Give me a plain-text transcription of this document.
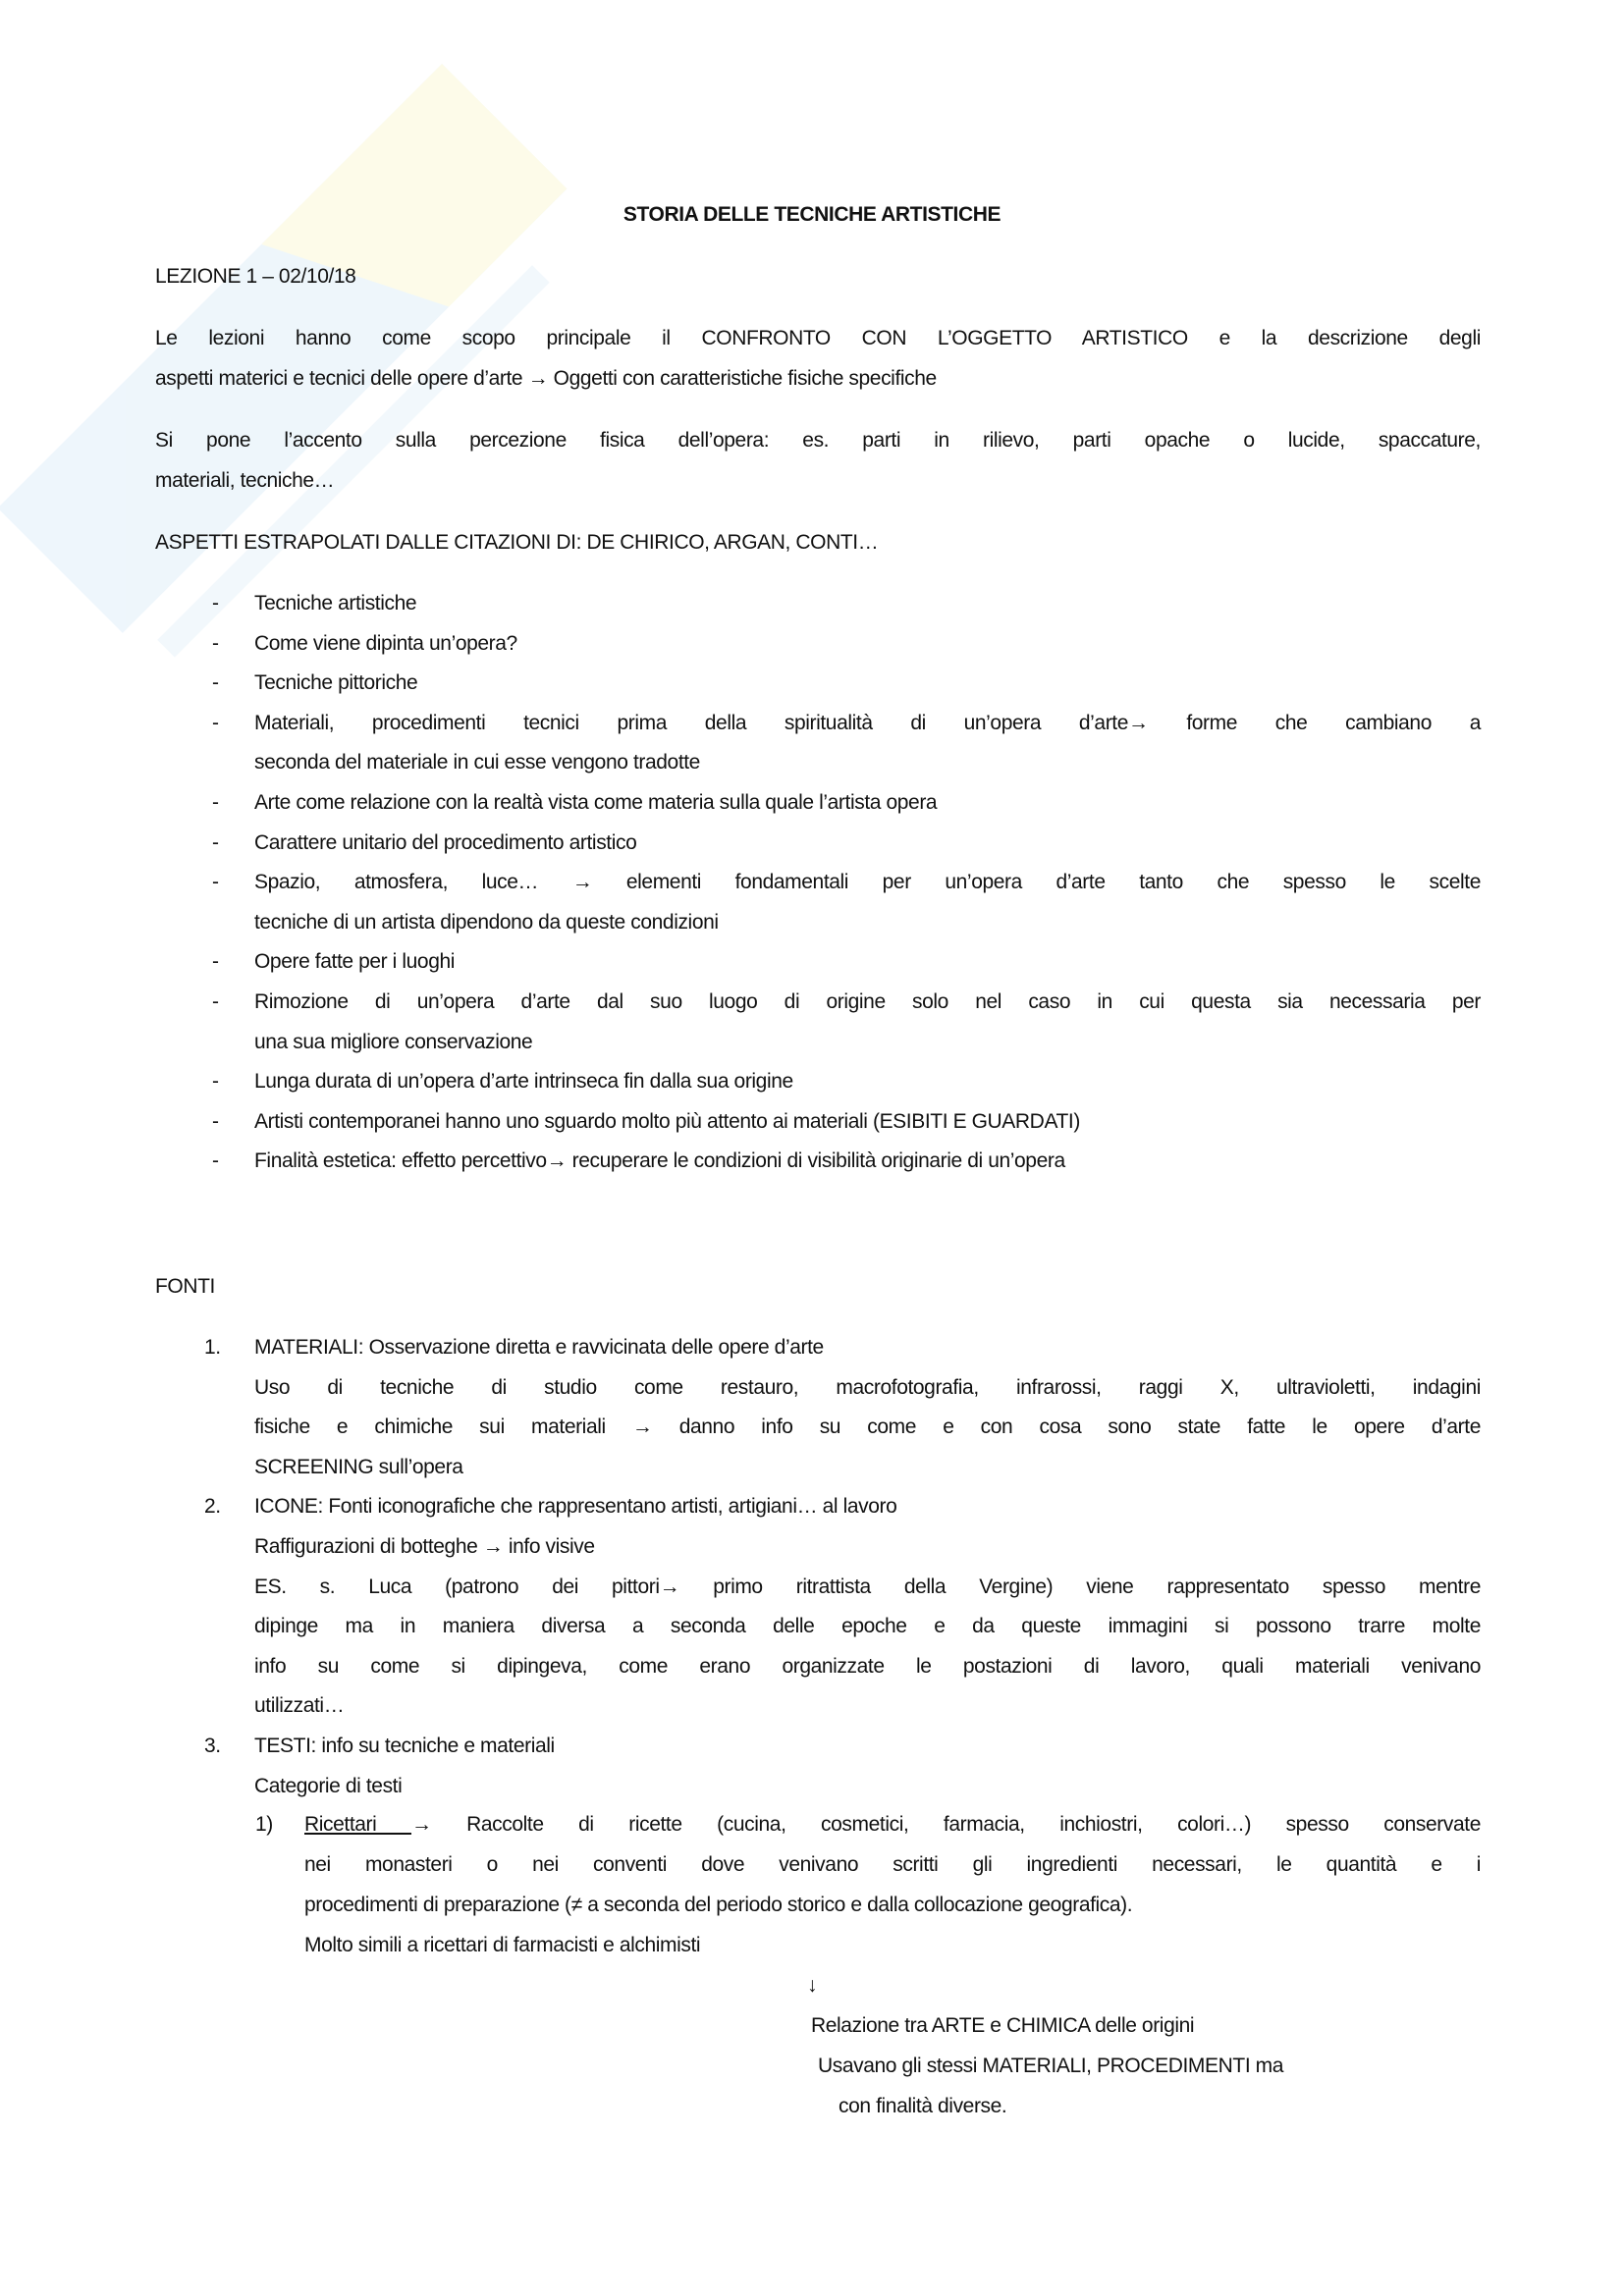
STORIA DELLE TECNICHE ARTISTICHE
LEZIONE 1 – 02/10/18
Le lezioni hanno come scopo principale il CONFRONTO CON L’OGGETTO ARTISTICO e la descrizione degli
aspetti materici e tecnici delle opere d’arte → Oggetti con caratteristiche fisiche specifiche
Si pone l’accento sulla percezione fisica dell’opera: es. parti in rilievo, parti opache o lucide, spaccature,
materiali, tecniche…
ASPETTI ESTRAPOLATI DALLE CITAZIONI DI: DE CHIRICO, ARGAN, CONTI…
- Tecniche artistiche
- Come viene dipinta un’opera?
- Tecniche pittoriche
- Materiali, procedimenti tecnici prima della spiritualità di un’opera d’arte→ forme che cambiano a
seconda del materiale in cui esse vengono tradotte
- Arte come relazione con la realtà vista come materia sulla quale l’artista opera
- Carattere unitario del procedimento artistico
- Spazio, atmosfera, luce… → elementi fondamentali per un’opera d’arte tanto che spesso le scelte
tecniche di un artista dipendono da queste condizioni
- Opere fatte per i luoghi
- Rimozione di un’opera d’arte dal suo luogo di origine solo nel caso in cui questa sia necessaria per
una sua migliore conservazione
- Lunga durata di un’opera d’arte intrinseca fin dalla sua origine
- Artisti contemporanei hanno uno sguardo molto più attento ai materiali (ESIBITI E GUARDATI)
- Finalità estetica: effetto percettivo→ recuperare le condizioni di visibilità originarie di un’opera
FONTI
1. MATERIALI: Osservazione diretta e ravvicinata delle opere d’arte
Uso di tecniche di studio come restauro, macrofotografia, infrarossi, raggi X, ultravioletti, indagini
fisiche e chimiche sui materiali → danno info su come e con cosa sono state fatte le opere d’arte
SCREENING sull’opera
2. ICONE: Fonti iconografiche che rappresentano artisti, artigiani… al lavoro
Raffigurazioni di botteghe → info visive
ES. s. Luca (patrono dei pittori→ primo ritrattista della Vergine) viene rappresentato spesso mentre
dipinge ma in maniera diversa a seconda delle epoche e da queste immagini si possono trarre molte
info su come si dipingeva, come erano organizzate le postazioni di lavoro, quali materiali venivano
utilizzati…
3. TESTI: info su tecniche e materiali
Categorie di testi
1) Ricettari → Raccolte di ricette (cucina, cosmetici, farmacia, inchiostri, colori…) spesso conservate
nei monasteri o nei conventi dove venivano scritti gli ingredienti necessari, le quantità e i
procedimenti di preparazione (≠ a seconda del periodo storico e dalla collocazione geografica).
Molto simili a ricettari di farmacisti e alchimisti
↓
Relazione tra ARTE e CHIMICA delle origini
Usavano gli stessi MATERIALI, PROCEDIMENTI ma
con finalità diverse.
